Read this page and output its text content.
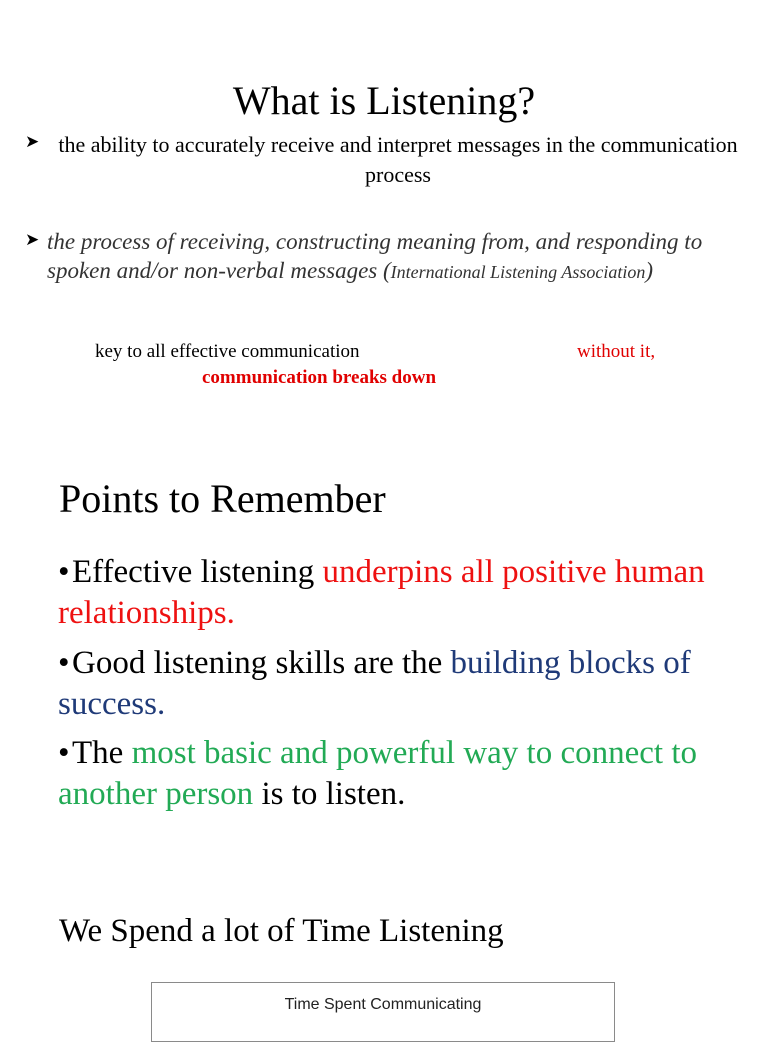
What is Listening?
➤ the ability to accurately receive and interpret messages in the communication process
➤ the process of receiving, constructing meaning from, and responding to spoken and/or non-verbal messages (International Listening Association)
key to all effective communication	without it,
communication breaks down
Points to Remember
•Effective listening underpins all positive human relationships.
•Good listening skills are the building blocks of success.
•The most basic and powerful way to connect to another person is to listen.
We Spend a lot of Time Listening
Time Spent Communicating
